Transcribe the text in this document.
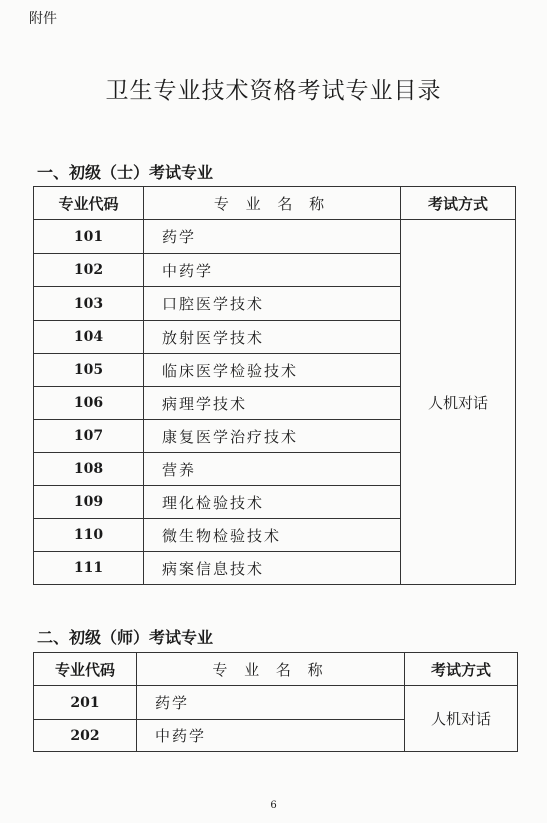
附件
卫生专业技术资格考试专业目录
一、初级（士）考试专业
专业代码	专 业 名 称	考试方式
101	药学	人机对话
102	中药学	
103	口腔医学技术	
104	放射医学技术	
105	临床医学检验技术	
106	病理学技术	
107	康复医学治疗技术	
108	营养	
109	理化检验技术	
110	微生物检验技术	
111	病案信息技术	
二、初级（师）考试专业
专业代码	专 业 名 称	考试方式
201	药学	人机对话
202	中药学	
6
